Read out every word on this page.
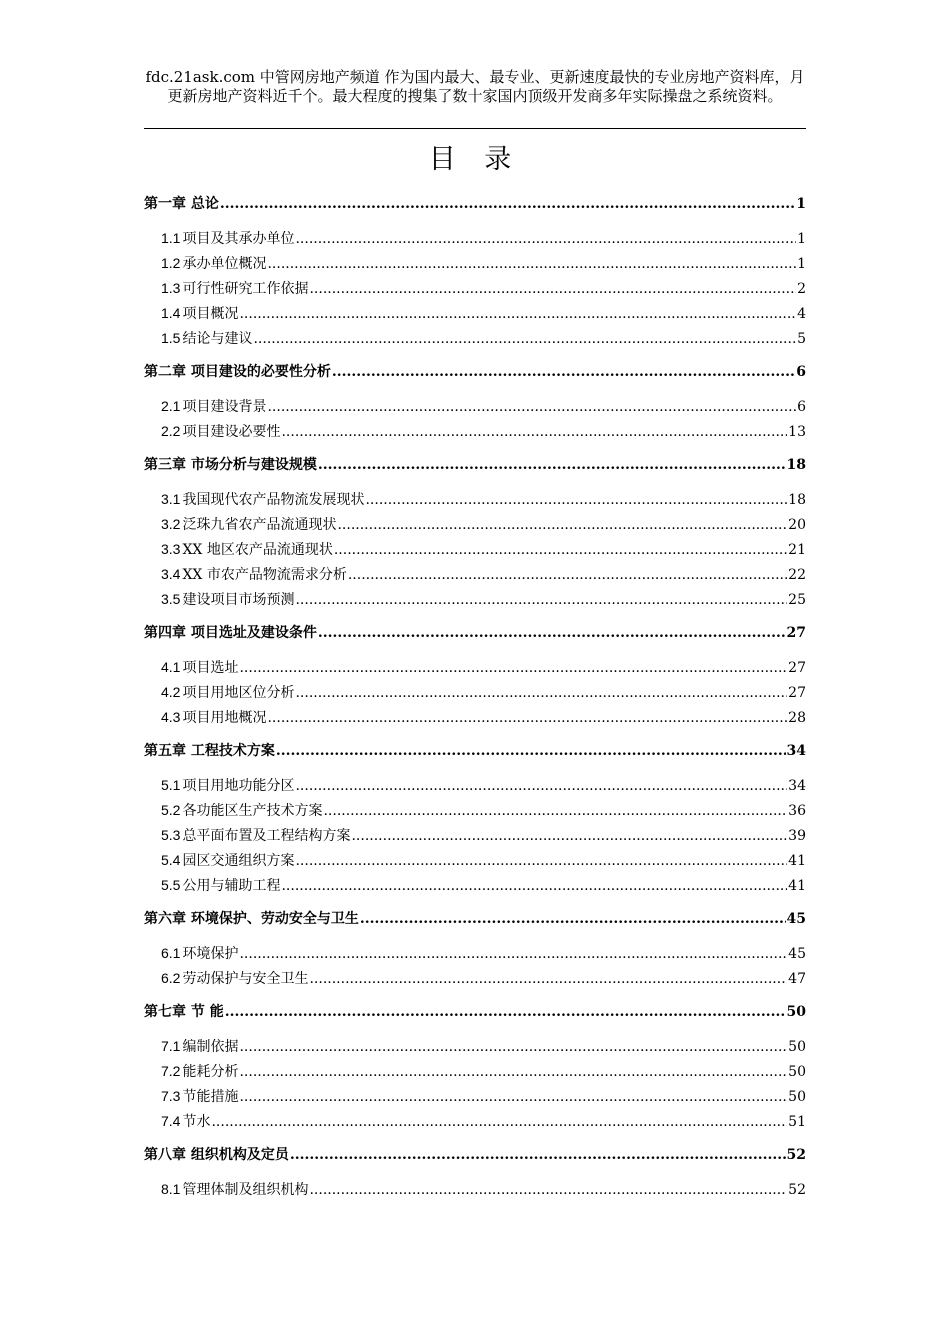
fdc.21ask.com 中管网房地产频道 作为国内最大、最专业、更新速度最快的专业房地产资料库，月更新房地产资料近千个。最大程度的搜集了数十家国内顶级开发商多年实际操盘之系统资料。
目 录
第一章 总论 .....	1
1.1 项目及其承办单位 .....	1
1.2 承办单位概况 .....	1
1.3 可行性研究工作依据 .....	2
1.4 项目概况 .....	4
1.5 结论与建议 .....	5
第二章 项目建设的必要性分析 .....	6
2.1 项目建设背景 .....	6
2.2 项目建设必要性 .....	13
第三章 市场分析与建设规模 .....	18
3.1 我国现代农产品物流发展现状 .....	18
3.2 泛珠九省农产品流通现状 .....	20
3.3 XX 地区农产品流通现状 .....	21
3.4 XX 市农产品物流需求分析 .....	22
3.5 建设项目市场预测 .....	25
第四章 项目选址及建设条件 .....	27
4.1 项目选址 .....	27
4.2 项目用地区位分析 .....	27
4.3 项目用地概况 .....	28
第五章 工程技术方案 .....	34
5.1 项目用地功能分区 .....	34
5.2 各功能区生产技术方案 .....	36
5.3 总平面布置及工程结构方案 .....	39
5.4 园区交通组织方案 .....	41
5.5 公用与辅助工程 .....	41
第六章 环境保护、劳动安全与卫生 .....	45
6.1 环境保护 .....	45
6.2 劳动保护与安全卫生 .....	47
第七章 节 能 .....	50
7.1 编制依据 .....	50
7.2 能耗分析 .....	50
7.3 节能措施 .....	50
7.4 节水 .....	51
第八章 组织机构及定员 .....	52
8.1 管理体制及组织机构 .....	52
